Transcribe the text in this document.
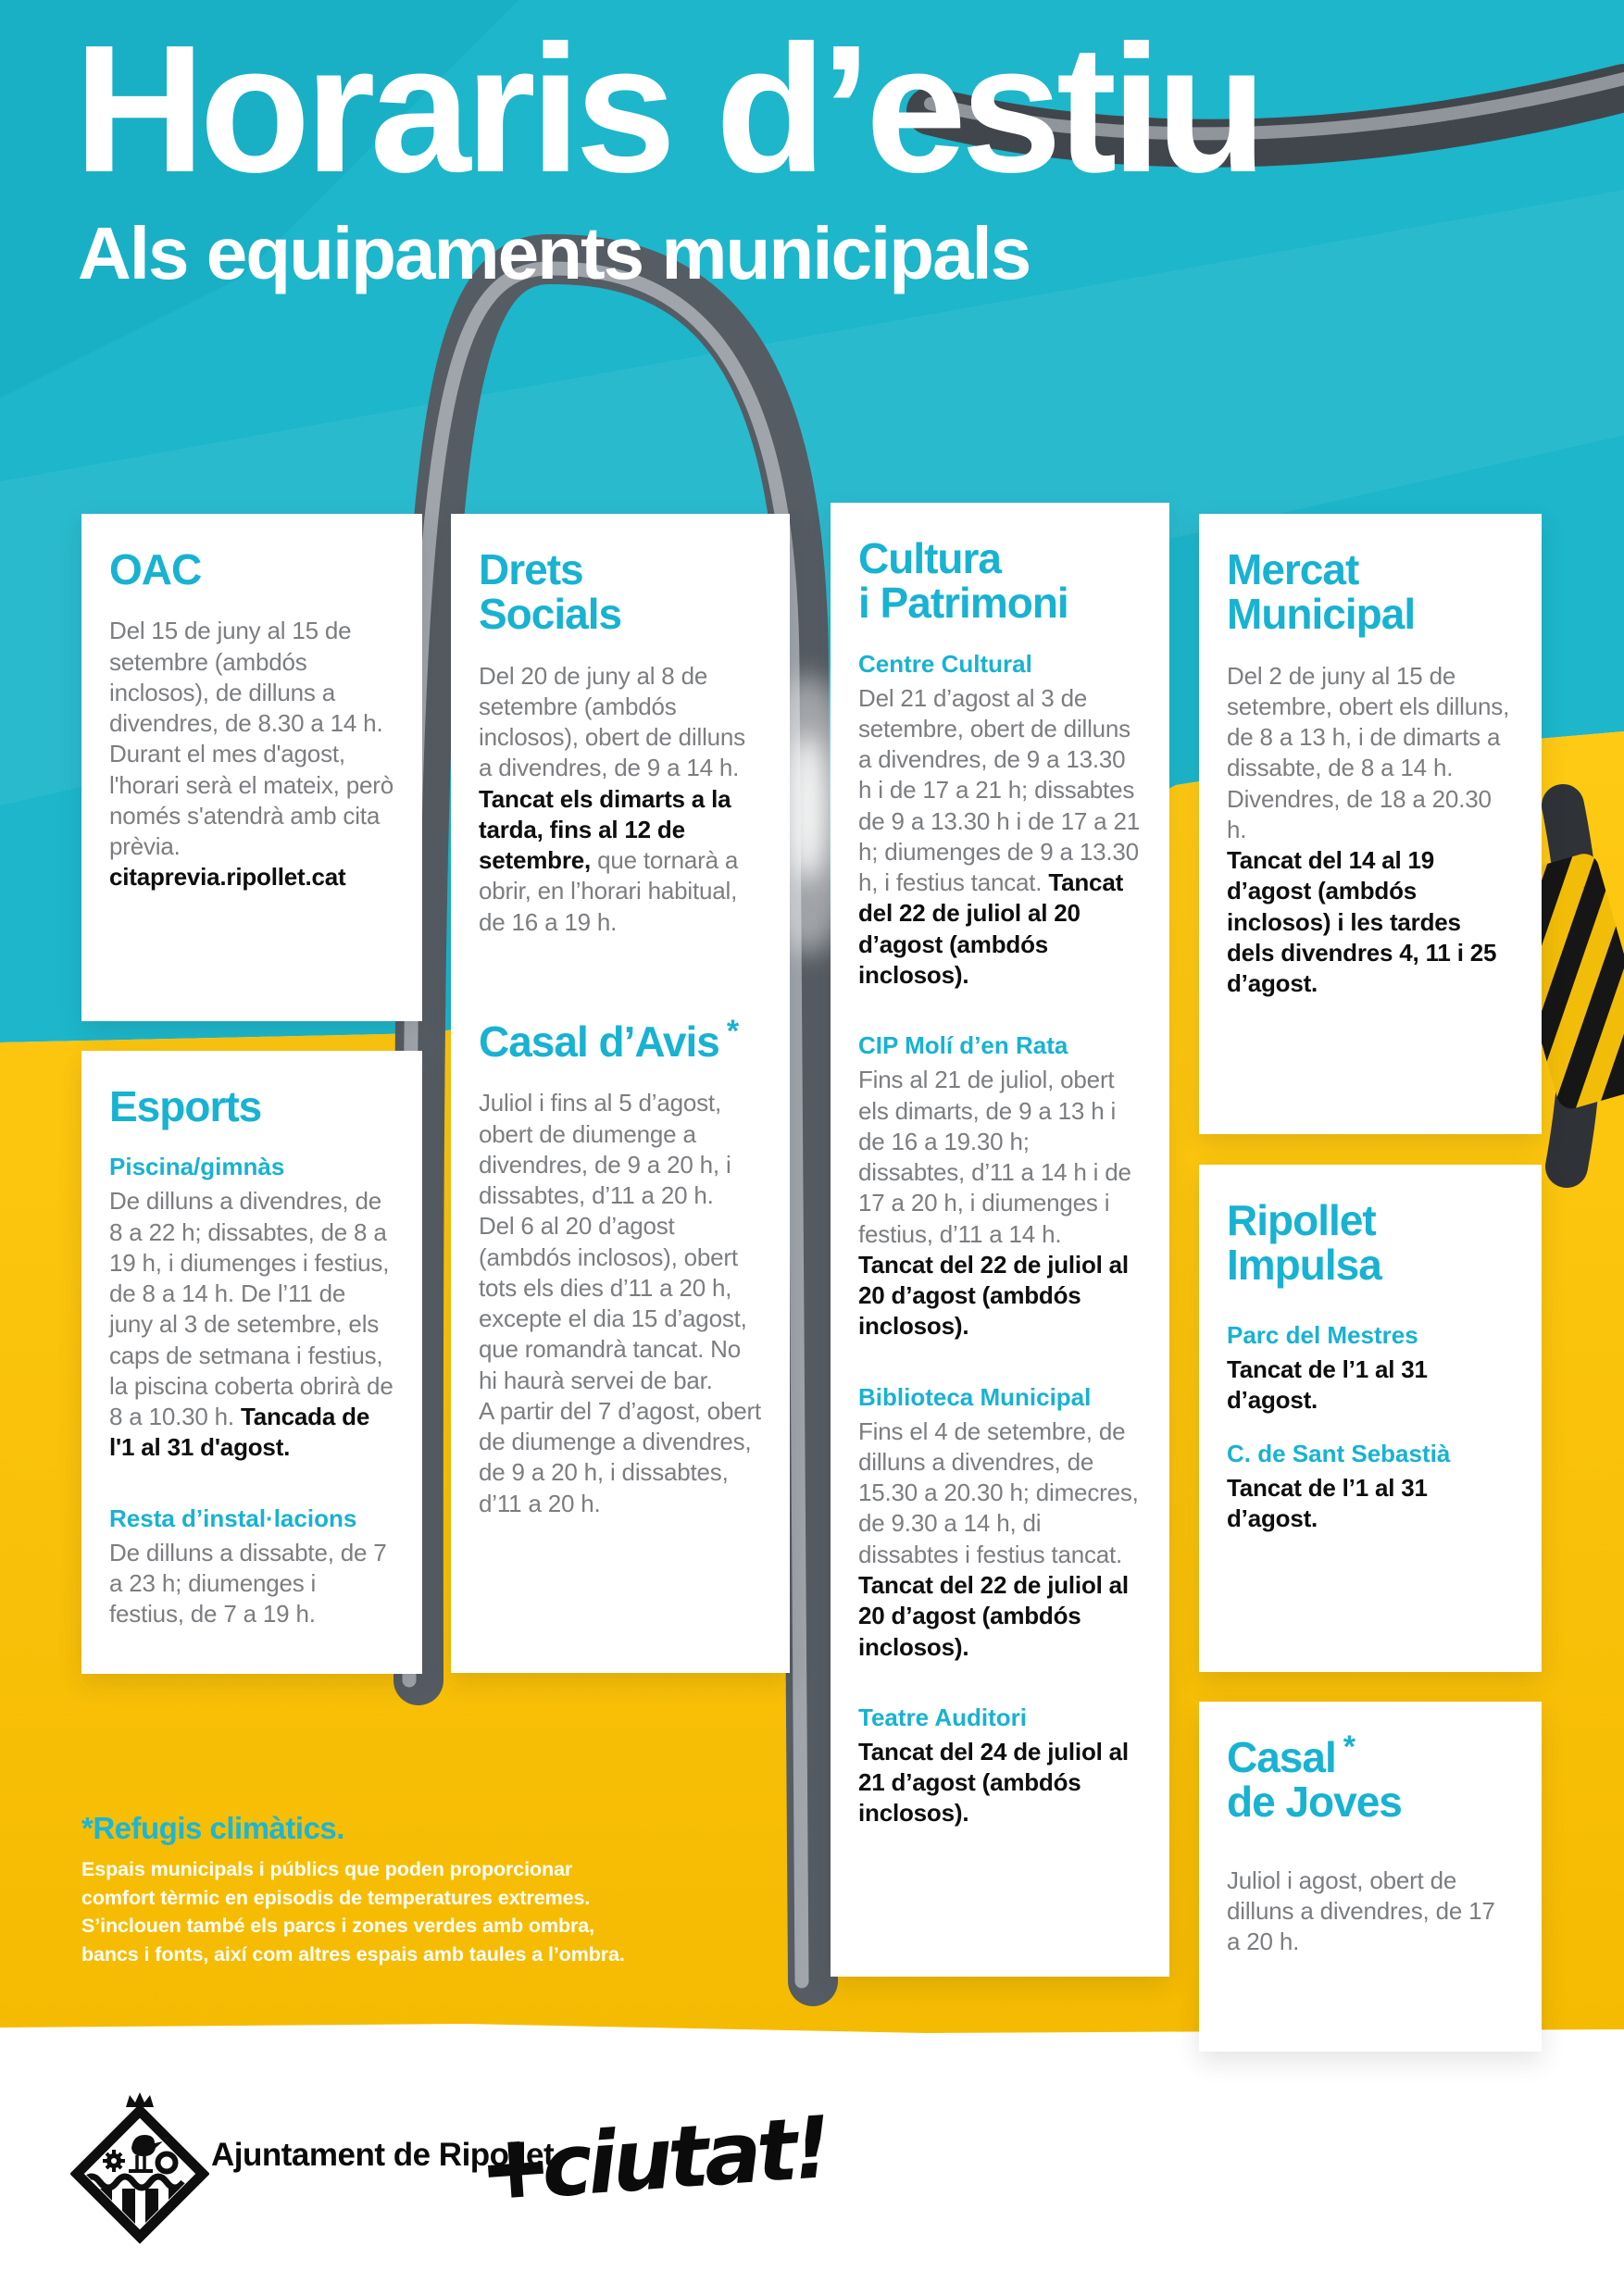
Horaris d’estiu
Als equipaments municipals
OAC

Del 15 de juny al 15 de setembre (ambdós inclosos), de dilluns a divendres, de 8.30 a 14 h.
Durant el mes d'agost, l'horari serà el mateix, però només s'atendrà amb cita prèvia.
citaprevia.ripollet.cat

Esports
Piscina/gimnàs

De dilluns a divendres, de 8 a 22 h; dissabtes, de 8 a 19 h, i diumenges i festius, de 8 a 14 h. De l’11 de juny al 3 de setembre, els caps de setmana i festius, la piscina coberta obrirà de 8 a 10.30 h. Tancada de l'1 al 31 d'agost.

Resta d’instal·lacions

De dilluns a dissabte, de 7 a 23 h; diumenges i festius, de 7 a 19 h.

Drets
Socials

Del 20 de juny al 8 de setembre (ambdós inclosos), obert de dilluns a divendres, de 9 a 14 h.

Tancat els dimarts a la tarda, fins al 12 de setembre, que tornarà a obrir, en l’horari habitual, de 16 a 19 h.

Casal d’Avis *

Juliol i fins al 5 d’agost, obert de diumenge a divendres, de 9 a 20 h, i dissabtes, d’11 a 20 h.

Del 6 al 20 d’agost (ambdós inclosos), obert tots els dies d’11 a 20 h, excepte el dia 15 d’agost, que romandrà tancat. No hi haurà servei de bar.

A partir del 7 d’agost, obert de diumenge a divendres, de 9 a 20 h, i dissabtes, d’11 a 20 h.

Cultura
i Patrimoni
Centre Cultural

Del 21 d’agost al 3 de setembre, obert de dilluns a divendres, de 9 a 13.30 h i de 17 a 21 h; dissabtes de 9 a 13.30 h i de 17 a 21 h; diumenges de 9 a 13.30 h, i festius tancat. Tancat del 22 de juliol al 20 d’agost (ambdós inclosos).

CIP Molí d’en Rata

Fins al 21 de juliol, obert els dimarts, de 9 a 13 h i de 16 a 19.30 h; dissabtes, d’11 a 14 h i de 17 a 20 h, i diumenges i festius, d’11 a 14 h. Tancat del 22 de juliol al 20 d’agost (ambdós inclosos).

Biblioteca Municipal

Fins el 4 de setembre, de dilluns a divendres, de 15.30 a 20.30 h; dimecres, de 9.30 a 14 h, di dissabtes i festius tancat. Tancat del 22 de juliol al 20 d’agost (ambdós inclosos).

Teatre Auditori

Tancat del 24 de juliol al 21 d’agost (ambdós inclosos).

Mercat
Municipal

Del 2 de juny al 15 de setembre, obert els dilluns, de 8 a 13 h, i de dimarts a dissabte, de 8 a 14 h. Divendres, de 18 a 20.30 h.

Tancat del 14 al 19 d’agost (ambdós inclosos) i les tardes dels divendres 4, 11 i 25 d’agost.

Ripollet
Impulsa
Parc del Mestres

Tancat de l’1 al 31 d’agost.

C. de Sant Sebastià

Tancat de l’1 al 31 d’agost.

Casal *
de Joves

Juliol i agost, obert de dilluns a divendres, de 17 a 20 h.

*Refugis climàtics.

Espais municipals i públics que poden proporcionar comfort tèrmic en episodis de temperatures extremes. S’inclouen també els parcs i zones verdes amb ombra, bancs i fonts, així com altres espais amb taules a l’ombra.

Ajuntament de Ripollet
+
ciutat!
